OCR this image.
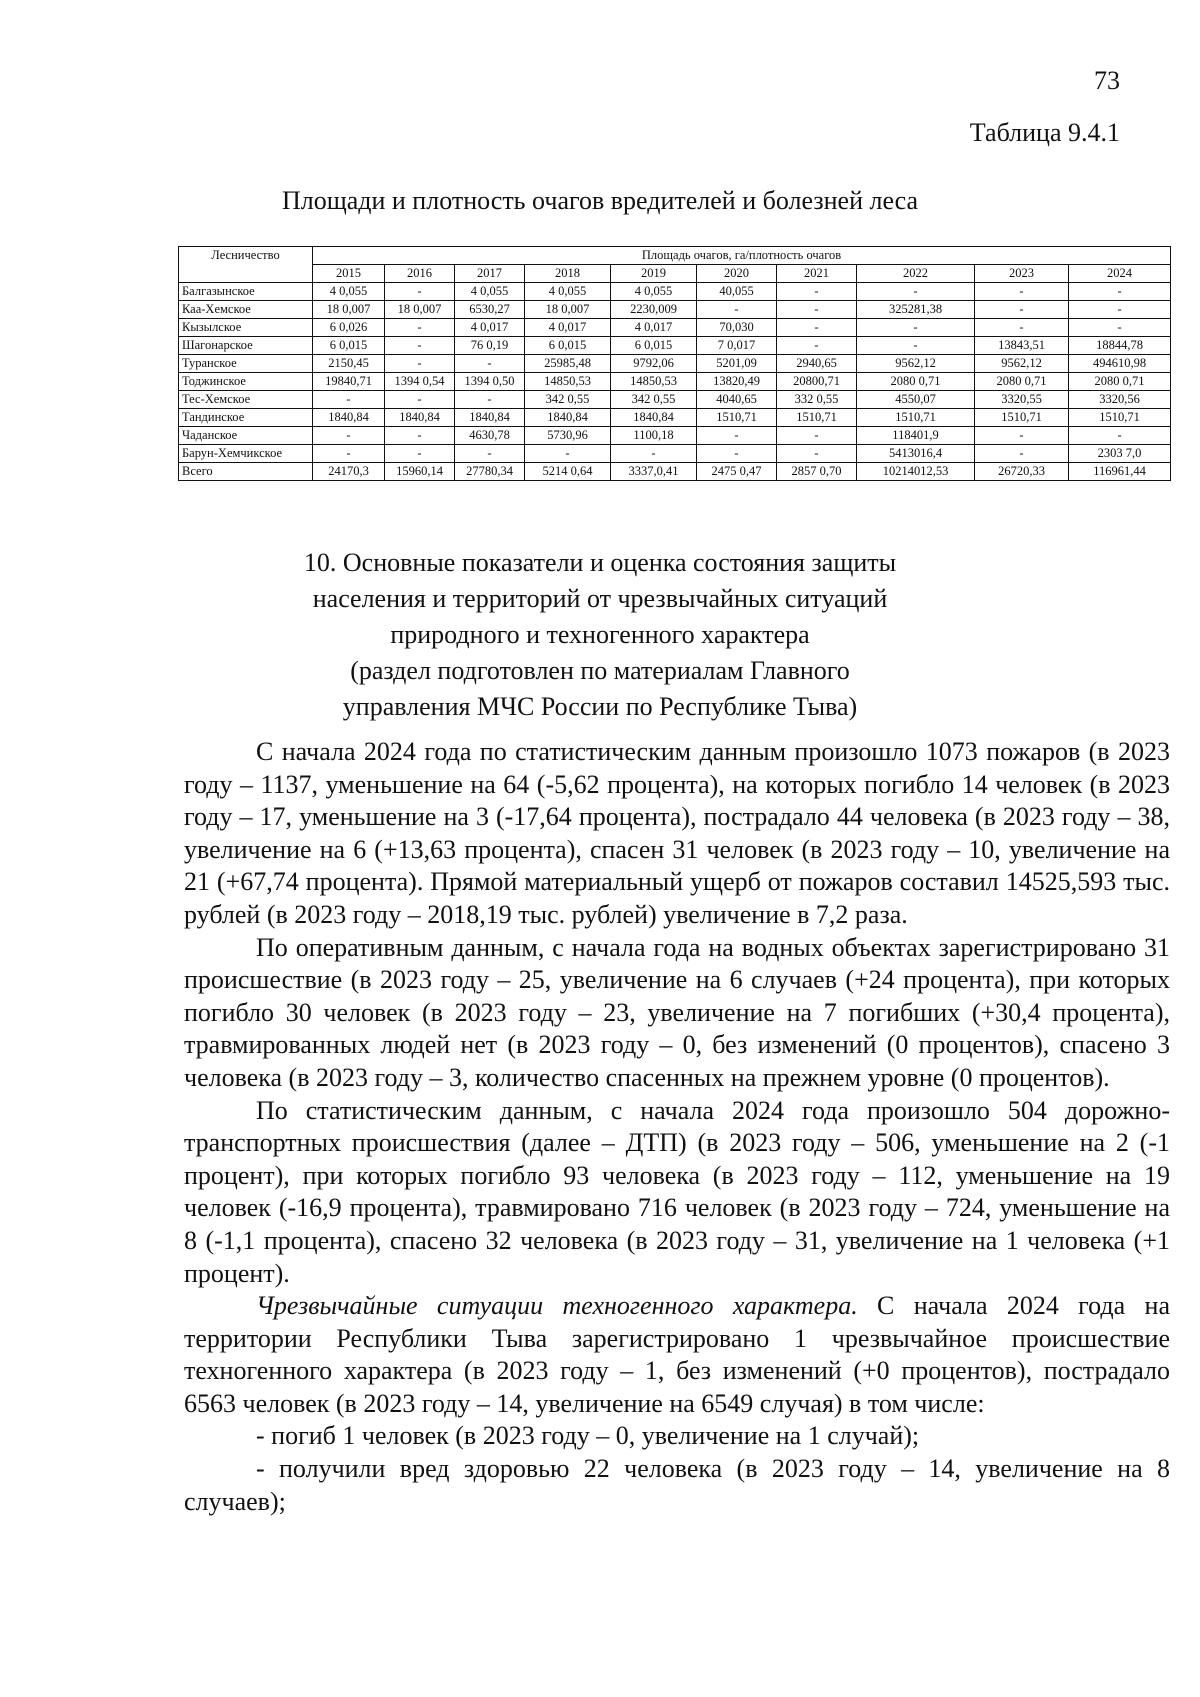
73
Таблица 9.4.1
Площади и плотность очагов вредителей и болезней леса
Лесничество	Площадь очагов, га/плотность очагов									
	2015	2016	2017	2018	2019	2020	2021	2022	2023	2024
Балгазынское	4 0,055	-	4 0,055	4 0,055	4 0,055	40,055	-	-	-	-
Каа-Хемское	18 0,007	18 0,007	6530,27	18 0,007	2230,009	-	-	325281,38	-	-
Кызылское	6 0,026	-	4 0,017	4 0,017	4 0,017	70,030	-	-	-	-
Шагонарское	6 0,015	-	76 0,19	6 0,015	6 0,015	7 0,017	-	-	13843,51	18844,78
Туранское	2150,45	-	-	25985,48	9792,06	5201,09	2940,65	9562,12	9562,12	494610,98
Тоджинское	19840,71	1394 0,54	1394 0,50	14850,53	14850,53	13820,49	20800,71	2080 0,71	2080 0,71	2080 0,71
Тес-Хемское	-	-	-	342 0,55	342 0,55	4040,65	332 0,55	4550,07	3320,55	3320,56
Тандинское	1840,84	1840,84	1840,84	1840,84	1840,84	1510,71	1510,71	1510,71	1510,71	1510,71
Чаданское	-	-	4630,78	5730,96	1100,18	-	-	118401,9	-	-
Барун-Хемчикское	-	-	-	-	-	-	-	5413016,4	-	2303 7,0
Всего	24170,3	15960,14	27780,34	5214 0,64	3337,0,41	2475 0,47	2857 0,70	10214012,53	26720,33	116961,44
10. Основные показатели и оценка состояния защиты
населения и территорий от чрезвычайных ситуаций
природного и техногенного характера
(раздел подготовлен по материалам Главного
управления МЧС России по Республике Тыва)

С начала 2024 года по статистическим данным произошло 1073 пожаров (в 2023 году – 1137, уменьшение на 64 (-5,62 процента), на которых погибло 14 человек (в 2023 году – 17, уменьшение на 3 (-17,64 процента), пострадало 44 человека (в 2023 году – 38, увеличение на 6 (+13,63 процента), спасен 31 человек (в 2023 году – 10, увеличение на 21 (+67,74 процента). Прямой материальный ущерб от пожаров составил 14525,593 тыс. рублей (в 2023 году – 2018,19 тыс. рублей) увеличение в 7,2 раза.

По оперативным данным, с начала года на водных объектах зарегистрировано 31 происшествие (в 2023 году – 25, увеличение на 6 случаев (+24 процента), при которых погибло 30 человек (в 2023 году – 23, увеличение на 7 погибших (+30,4 процента), травмированных людей нет (в 2023 году – 0, без изменений (0 процентов), спасено 3 человека (в 2023 году – 3, количество спасенных на прежнем уровне (0 процентов).

По статистическим данным, с начала 2024 года произошло 504 дорожно-транспортных происшествия (далее – ДТП) (в 2023 году – 506, уменьшение на 2 (-1 процент), при которых погибло 93 человека (в 2023 году – 112, уменьшение на 19 человек (-16,9 процента), травмировано 716 человек (в 2023 году – 724, уменьшение на 8 (-1,1 процента), спасено 32 человека (в 2023 году – 31, увеличение на 1 человека (+1 процент).

Чрезвычайные ситуации техногенного характера. С начала 2024 года на территории Республики Тыва зарегистрировано 1 чрезвычайное происшествие техногенного характера (в 2023 году – 1, без изменений (+0 процентов), пострадало 6563 человек (в 2023 году – 14, увеличение на 6549 случая) в том числе:

- погиб 1 человек (в 2023 году – 0, увеличение на 1 случай);

- получили вред здоровью 22 человека (в 2023 году – 14, увеличение на 8 случаев);
